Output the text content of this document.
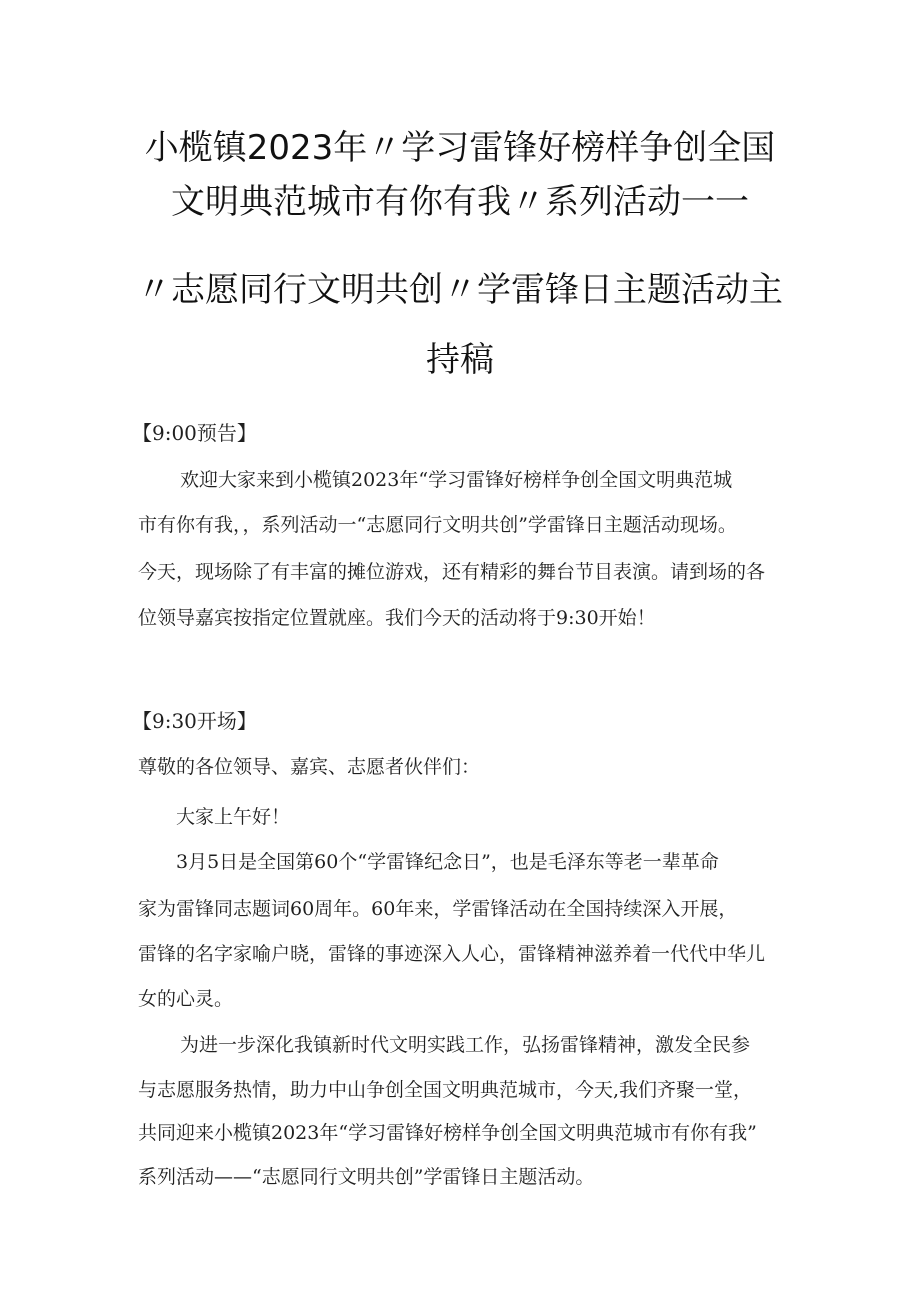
小榄镇2023年〃学习雷锋好榜样争创全国
文明典范城市有你有我〃系列活动一一
〃志愿同行文明共创〃学雷锋日主题活动主
持稿
【9:00预告】
欢迎大家来到小榄镇2023年“学习雷锋好榜样争创全国文明典范城
市有你有我，，系列活动一“志愿同行文明共创”学雷锋日主题活动现场。
今天，现场除了有丰富的摊位游戏，还有精彩的舞台节目表演。请到场的各
位领导嘉宾按指定位置就座。我们今天的活动将于9:30开始！
【9:30开场】
尊敬的各位领导、嘉宾、志愿者伙伴们：
大家上午好！
3月5日是全国第60个“学雷锋纪念日”，也是毛泽东等老一辈革命
家为雷锋同志题词60周年。60年来，学雷锋活动在全国持续深入开展，
雷锋的名字家喻户晓，雷锋的事迹深入人心，雷锋精神滋养着一代代中华儿
女的心灵。
为进一步深化我镇新时代文明实践工作，弘扬雷锋精神，激发全民参
与志愿服务热情，助力中山争创全国文明典范城市，今天,我们齐聚一堂，
共同迎来小榄镇2023年“学习雷锋好榜样争创全国文明典范城市有你有我”
系列活动——“志愿同行文明共创”学雷锋日主题活动。
